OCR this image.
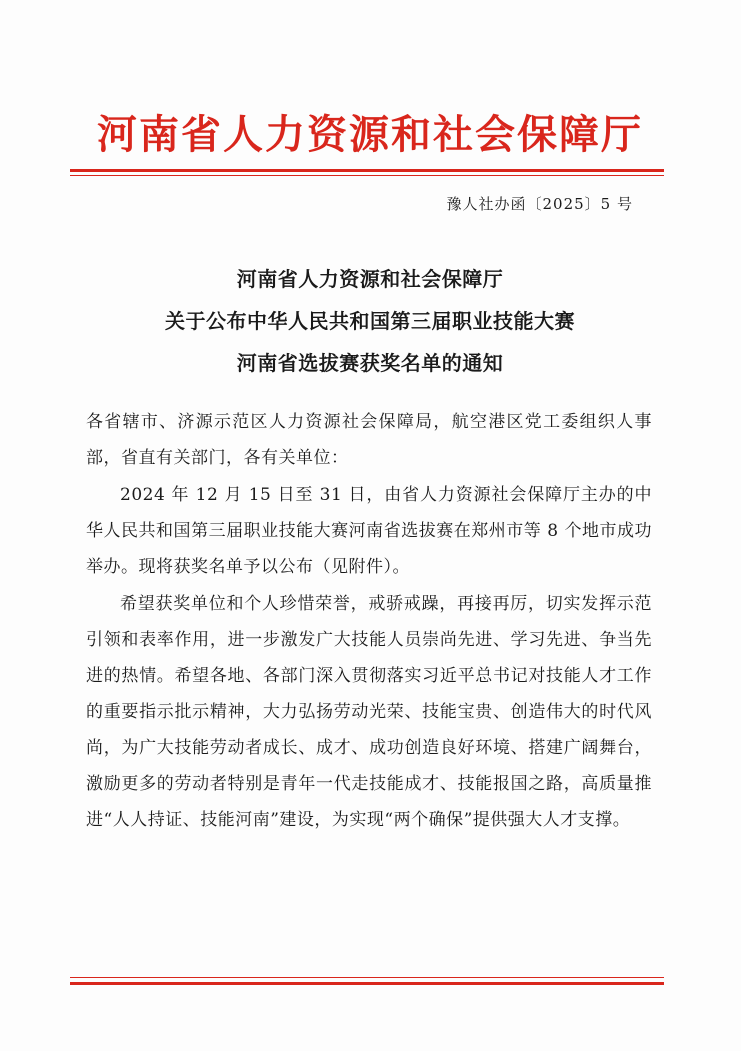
河南省人力资源和社会保障厅
豫人社办函〔2025〕5 号
河南省人力资源和社会保障厅
关于公布中华人民共和国第三届职业技能大赛
河南省选拔赛获奖名单的通知

各省辖市、济源示范区人力资源社会保障局，航空港区党工委组织人事部，省直有关部门，各有关单位：

2024 年 12 月 15 日至 31 日，由省人力资源社会保障厅主办的中华人民共和国第三届职业技能大赛河南省选拔赛在郑州市等 8 个地市成功举办。现将获奖名单予以公布（见附件）。

希望获奖单位和个人珍惜荣誉，戒骄戒躁，再接再厉，切实发挥示范引领和表率作用，进一步激发广大技能人员崇尚先进、学习先进、争当先进的热情。希望各地、各部门深入贯彻落实习近平总书记对技能人才工作的重要指示批示精神，大力弘扬劳动光荣、技能宝贵、创造伟大的时代风尚，为广大技能劳动者成长、成才、成功创造良好环境、搭建广阔舞台，激励更多的劳动者特别是青年一代走技能成才、技能报国之路，高质量推进“人人持证、技能河南”建设，为实现“两个确保”提供强大人才支撑。
